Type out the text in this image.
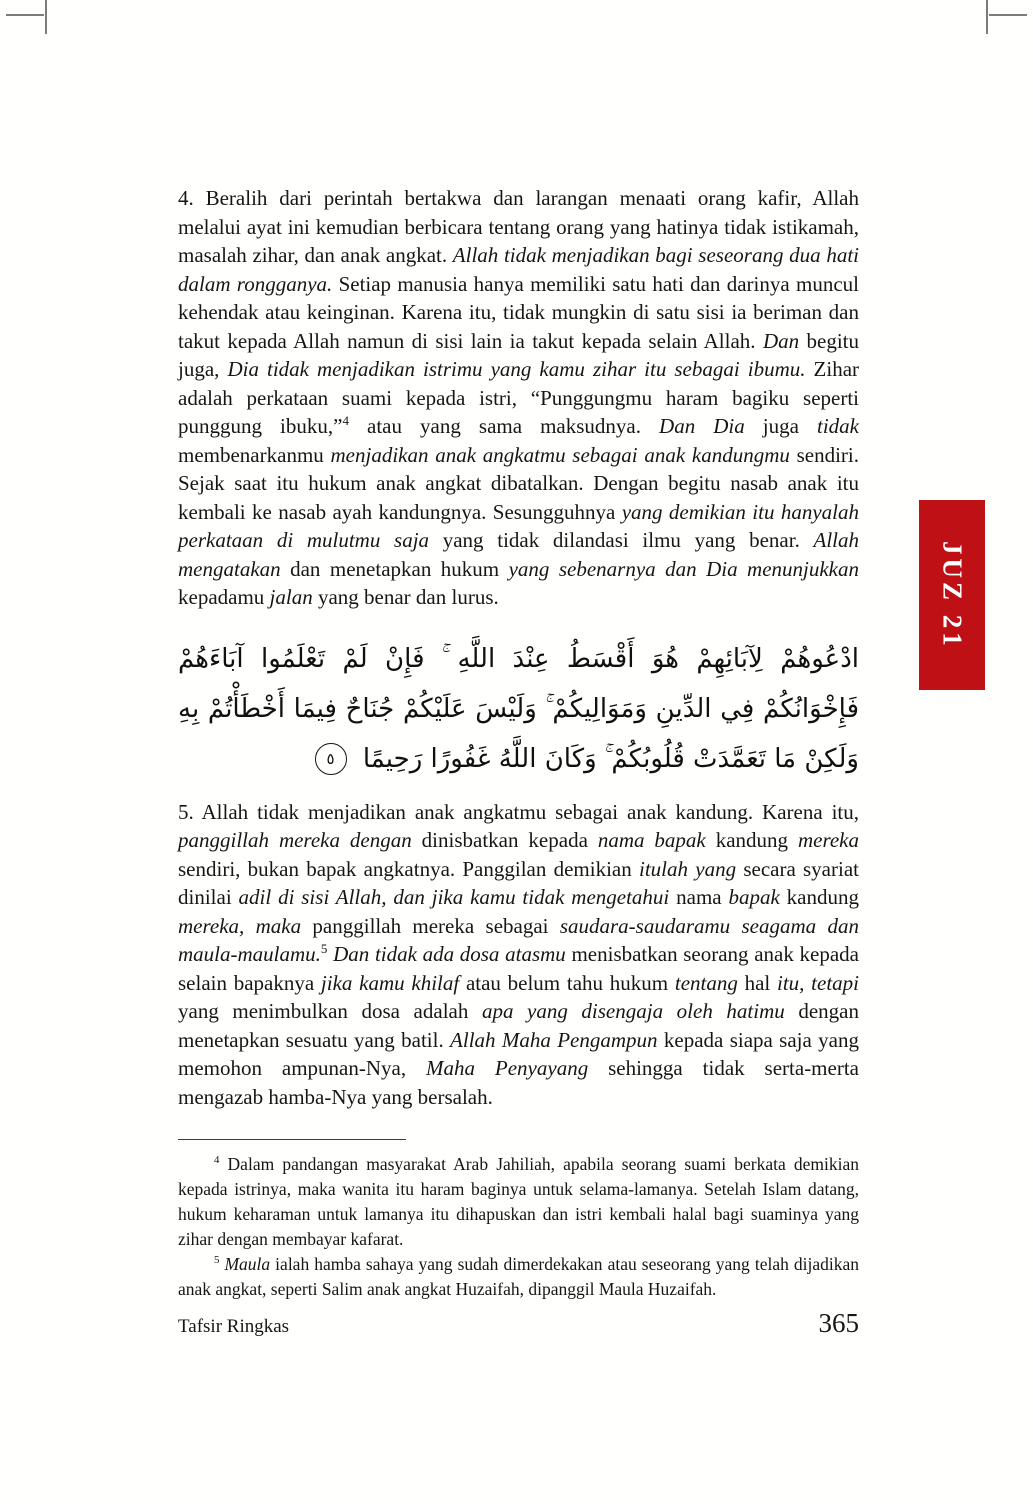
JUZ 21

4. Beralih dari perintah bertakwa dan larangan menaati orang kafir, Allah melalui ayat ini kemudian berbicara tentang orang yang hatinya tidak istikamah, masalah zihar, dan anak angkat. Allah tidak menjadikan bagi seseorang dua hati dalam rongganya. Setiap manusia hanya memiliki satu hati dan darinya muncul kehendak atau keinginan. Karena itu, tidak mungkin di satu sisi ia beriman dan takut kepada Allah namun di sisi lain ia takut kepada selain Allah. Dan begitu juga, Dia tidak menjadikan istrimu yang kamu zihar itu sebagai ibumu. Zihar adalah perkataan suami kepada istri, “Punggungmu haram bagiku seperti punggung ibuku,”$^4$ atau yang sama maksudnya. Dan Dia juga tidak membenarkanmu menjadikan anak angkatmu sebagai anak kandungmu sendiri. Sejak saat itu hukum anak angkat dibatalkan. Dengan begitu nasab anak itu kembali ke nasab ayah kandungnya. Sesungguhnya yang demikian itu hanyalah perkataan di mulutmu saja yang tidak dilandasi ilmu yang benar. Allah mengatakan dan menetapkan hukum yang sebenarnya dan Dia menunjukkan kepadamu jalan yang benar dan lurus.

ادْعُوهُمْ لِآبَائِهِمْ هُوَ أَقْسَطُ عِنْدَ اللَّهِ ۚ فَإِنْ لَمْ تَعْلَمُوا آبَاءَهُمْ فَإِخْوَانُكُمْ فِي الدِّينِ وَمَوَالِيكُمْ ۚ وَلَيْسَ عَلَيْكُمْ جُنَاحٌ فِيمَا أَخْطَأْتُمْ بِهِ وَلَكِنْ مَا تَعَمَّدَتْ قُلُوبُكُمْ ۚ وَكَانَ اللَّهُ غَفُورًا رَحِيمًا
٥

5. Allah tidak menjadikan anak angkatmu sebagai anak kandung. Karena itu, panggillah mereka dengan dinisbatkan kepada nama bapak kandung mereka sendiri, bukan bapak angkatnya. Panggilan demikian itulah yang secara syariat dinilai adil di sisi Allah, dan jika kamu tidak mengetahui nama bapak kandung mereka, maka panggillah mereka sebagai saudara-saudaramu seagama dan maula-maulamu.$^5$ Dan tidak ada dosa atasmu menisbatkan seorang anak kepada selain bapaknya jika kamu khilaf atau belum tahu hukum tentang hal itu, tetapi yang menimbulkan dosa adalah apa yang disengaja oleh hatimu dengan menetapkan sesuatu yang batil. Allah Maha Pengampun kepada siapa saja yang memohon ampunan-Nya, Maha Penyayang sehingga tidak serta-merta mengazab hamba-Nya yang bersalah.

$^4$ Dalam pandangan masyarakat Arab Jahiliah, apabila seorang suami berkata demikian kepada istrinya, maka wanita itu haram baginya untuk selama-lamanya. Setelah Islam datang, hukum keharaman untuk lamanya itu dihapuskan dan istri kembali halal bagi suaminya yang zihar dengan membayar kafarat.

$^5$ Maula ialah hamba sahaya yang sudah dimerdekakan atau seseorang yang telah dijadikan anak angkat, seperti Salim anak angkat Huzaifah, dipanggil Maula Huzaifah.

Tafsir Ringkas	365
